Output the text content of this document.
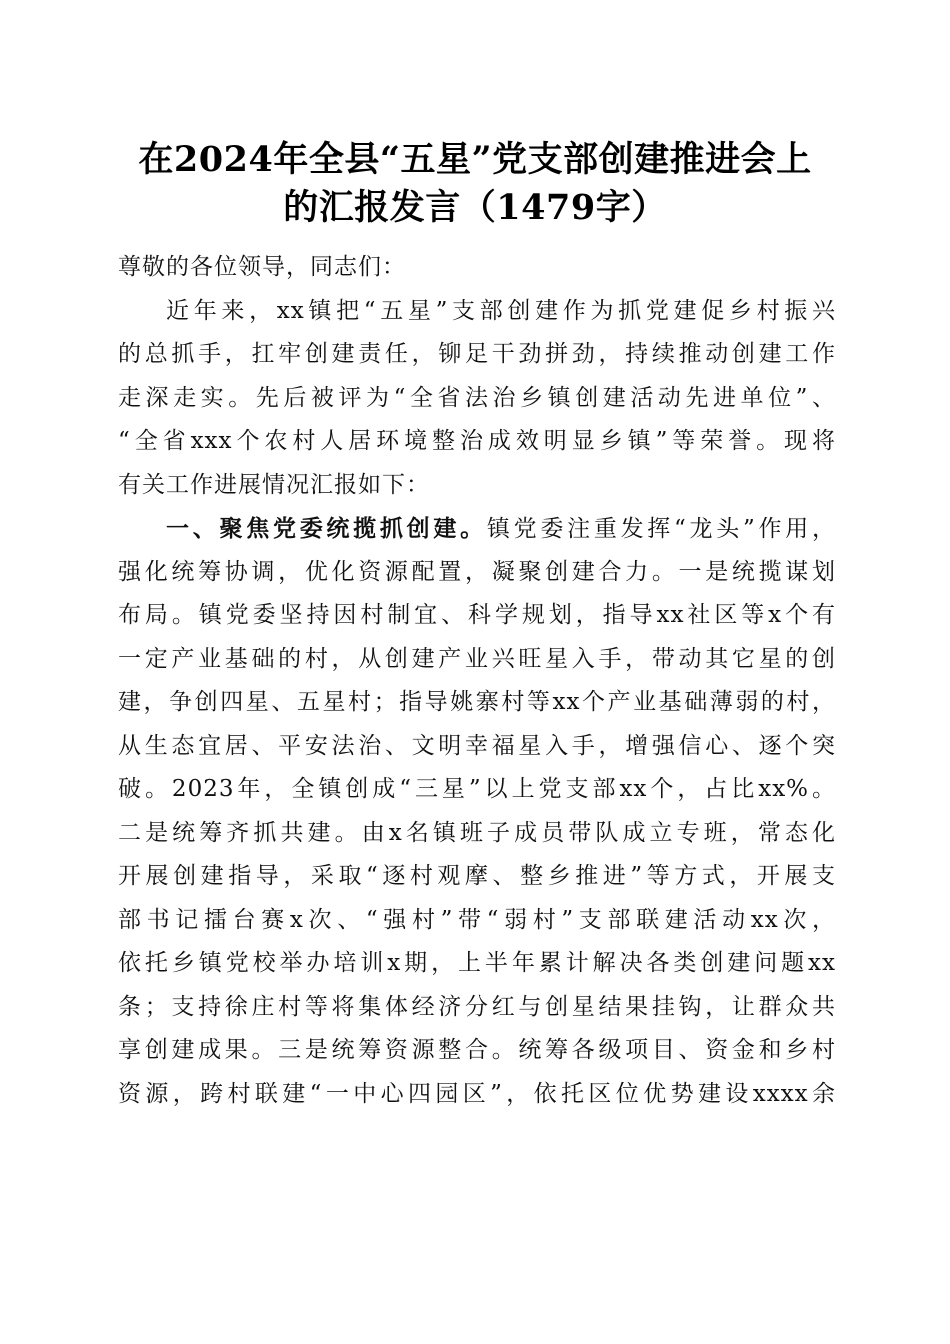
在2024年全县“五星”党支部创建推进会上
的汇报发言（1479字）
尊敬的各位领导，同志们：
近年来，xx镇把“五星”支部创建作为抓党建促乡村振兴
的总抓手，扛牢创建责任，铆足干劲拼劲，持续推动创建工作
走深走实。先后被评为“全省法治乡镇创建活动先进单位”、
“全省xxx个农村人居环境整治成效明显乡镇”等荣誉。现将
有关工作进展情况汇报如下：
一、聚焦党委统揽抓创建。镇党委注重发挥“龙头”作用，
强化统筹协调，优化资源配置，凝聚创建合力。一是统揽谋划
布局。镇党委坚持因村制宜、科学规划，指导xx社区等x个有
一定产业基础的村，从创建产业兴旺星入手，带动其它星的创
建，争创四星、五星村；指导姚寨村等xx个产业基础薄弱的村，
从生态宜居、平安法治、文明幸福星入手，增强信心、逐个突
破。2023年，全镇创成“三星”以上党支部xx个，占比xx%。
二是统筹齐抓共建。由x名镇班子成员带队成立专班，常态化
开展创建指导，采取“逐村观摩、整乡推进”等方式，开展支
部书记擂台赛x次、“强村”带“弱村”支部联建活动xx次，
依托乡镇党校举办培训x期，上半年累计解决各类创建问题xx
条；支持徐庄村等将集体经济分红与创星结果挂钩，让群众共
享创建成果。三是统筹资源整合。统筹各级项目、资金和乡村
资源，跨村联建“一中心四园区”，依托区位优势建设xxxx余
